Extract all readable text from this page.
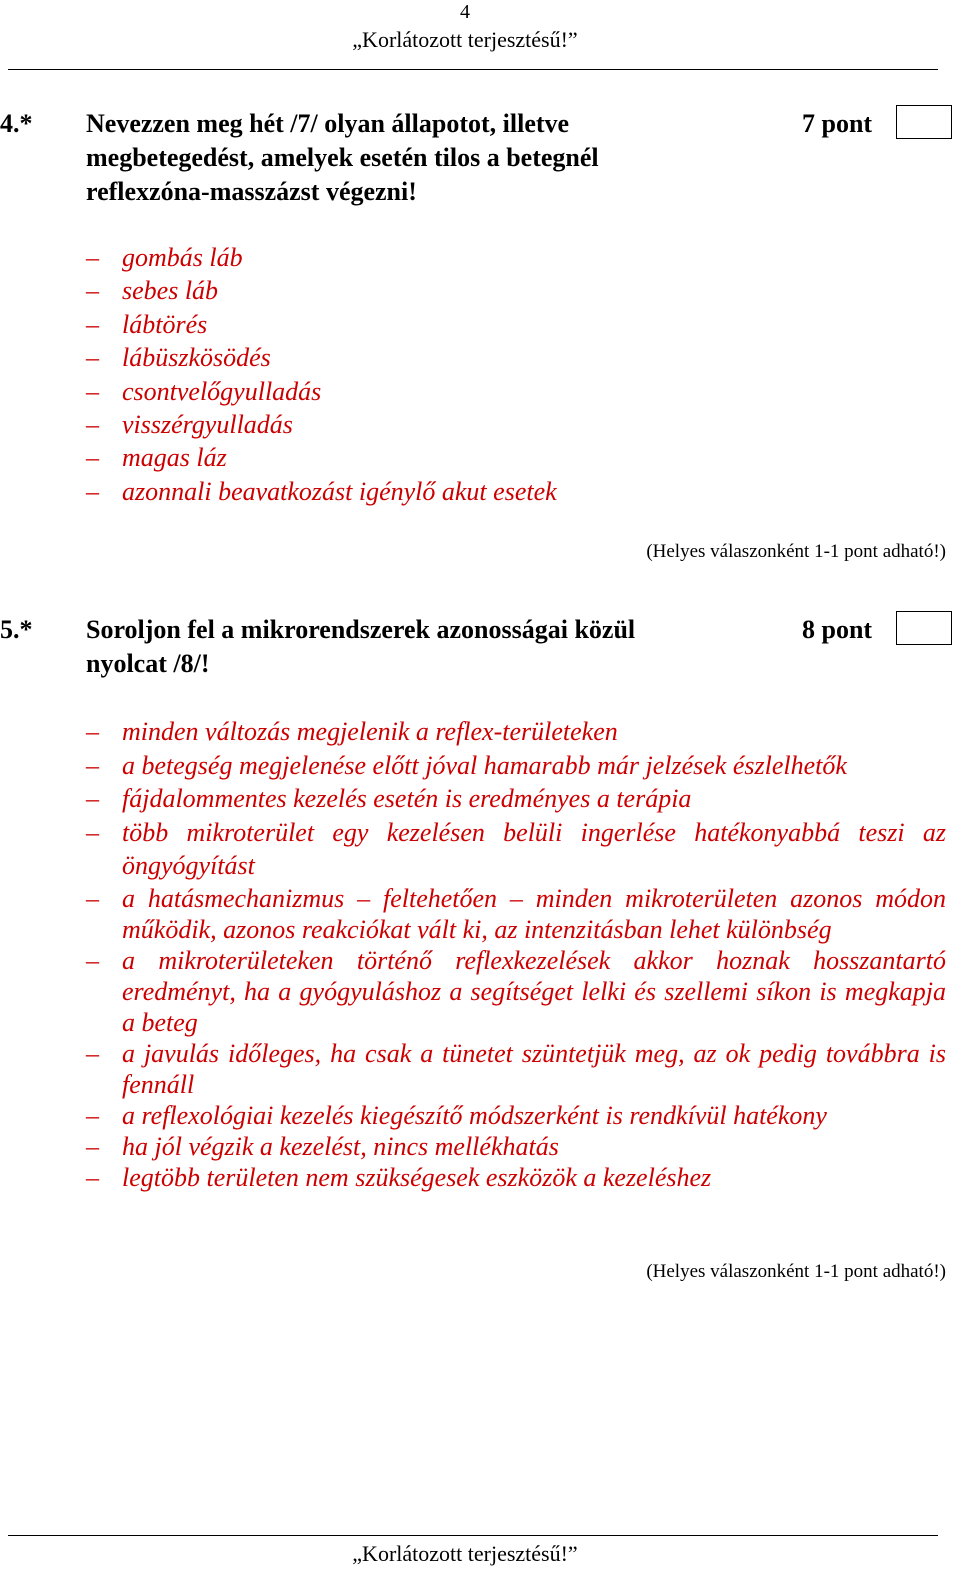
4
„Korlátozott terjesztésű!”
4.* Nevezzen meg hét /7/ olyan állapotot, illetve
megbetegedést, amelyek esetén tilos a betegnél
reflexzóna-masszázst végezni!
7 pont
– gombás láb
– sebes láb
– lábtörés
– lábüszkösödés
– csontvelőgyulladás
– visszérgyulladás
– magas láz
– azonnali beavatkozást igénylő akut esetek
(Helyes válaszonként 1-1 pont adható!)
5.* Soroljon fel a mikrorendszerek azonosságai közül
nyolcat /8/!
8 pont
– minden változás megjelenik a reflex-területeken
– a betegség megjelenése előtt jóval hamarabb már jelzések észlelhetők
– fájdalommentes kezelés esetén is eredményes a terápia
– több mikroterület egy kezelésen belüli ingerlése hatékonyabbá teszi az öngyógyítást
– a hatásmechanizmus – feltehetően – minden mikroterületen azonos módon működik, azonos reakciókat vált ki, az intenzitásban lehet különbség
– a mikroterületeken történő reflexkezelések akkor hoznak hosszantartó eredményt, ha a gyógyuláshoz a segítséget lelki és szellemi síkon is megkapja a beteg
– a javulás időleges, ha csak a tünetet szüntetjük meg, az ok pedig továbbra is fennáll
– a reflexológiai kezelés kiegészítő módszerként is rendkívül hatékony
– ha jól végzik a kezelést, nincs mellékhatás
– legtöbb területen nem szükségesek eszközök a kezeléshez
(Helyes válaszonként 1-1 pont adható!)
„Korlátozott terjesztésű!”
